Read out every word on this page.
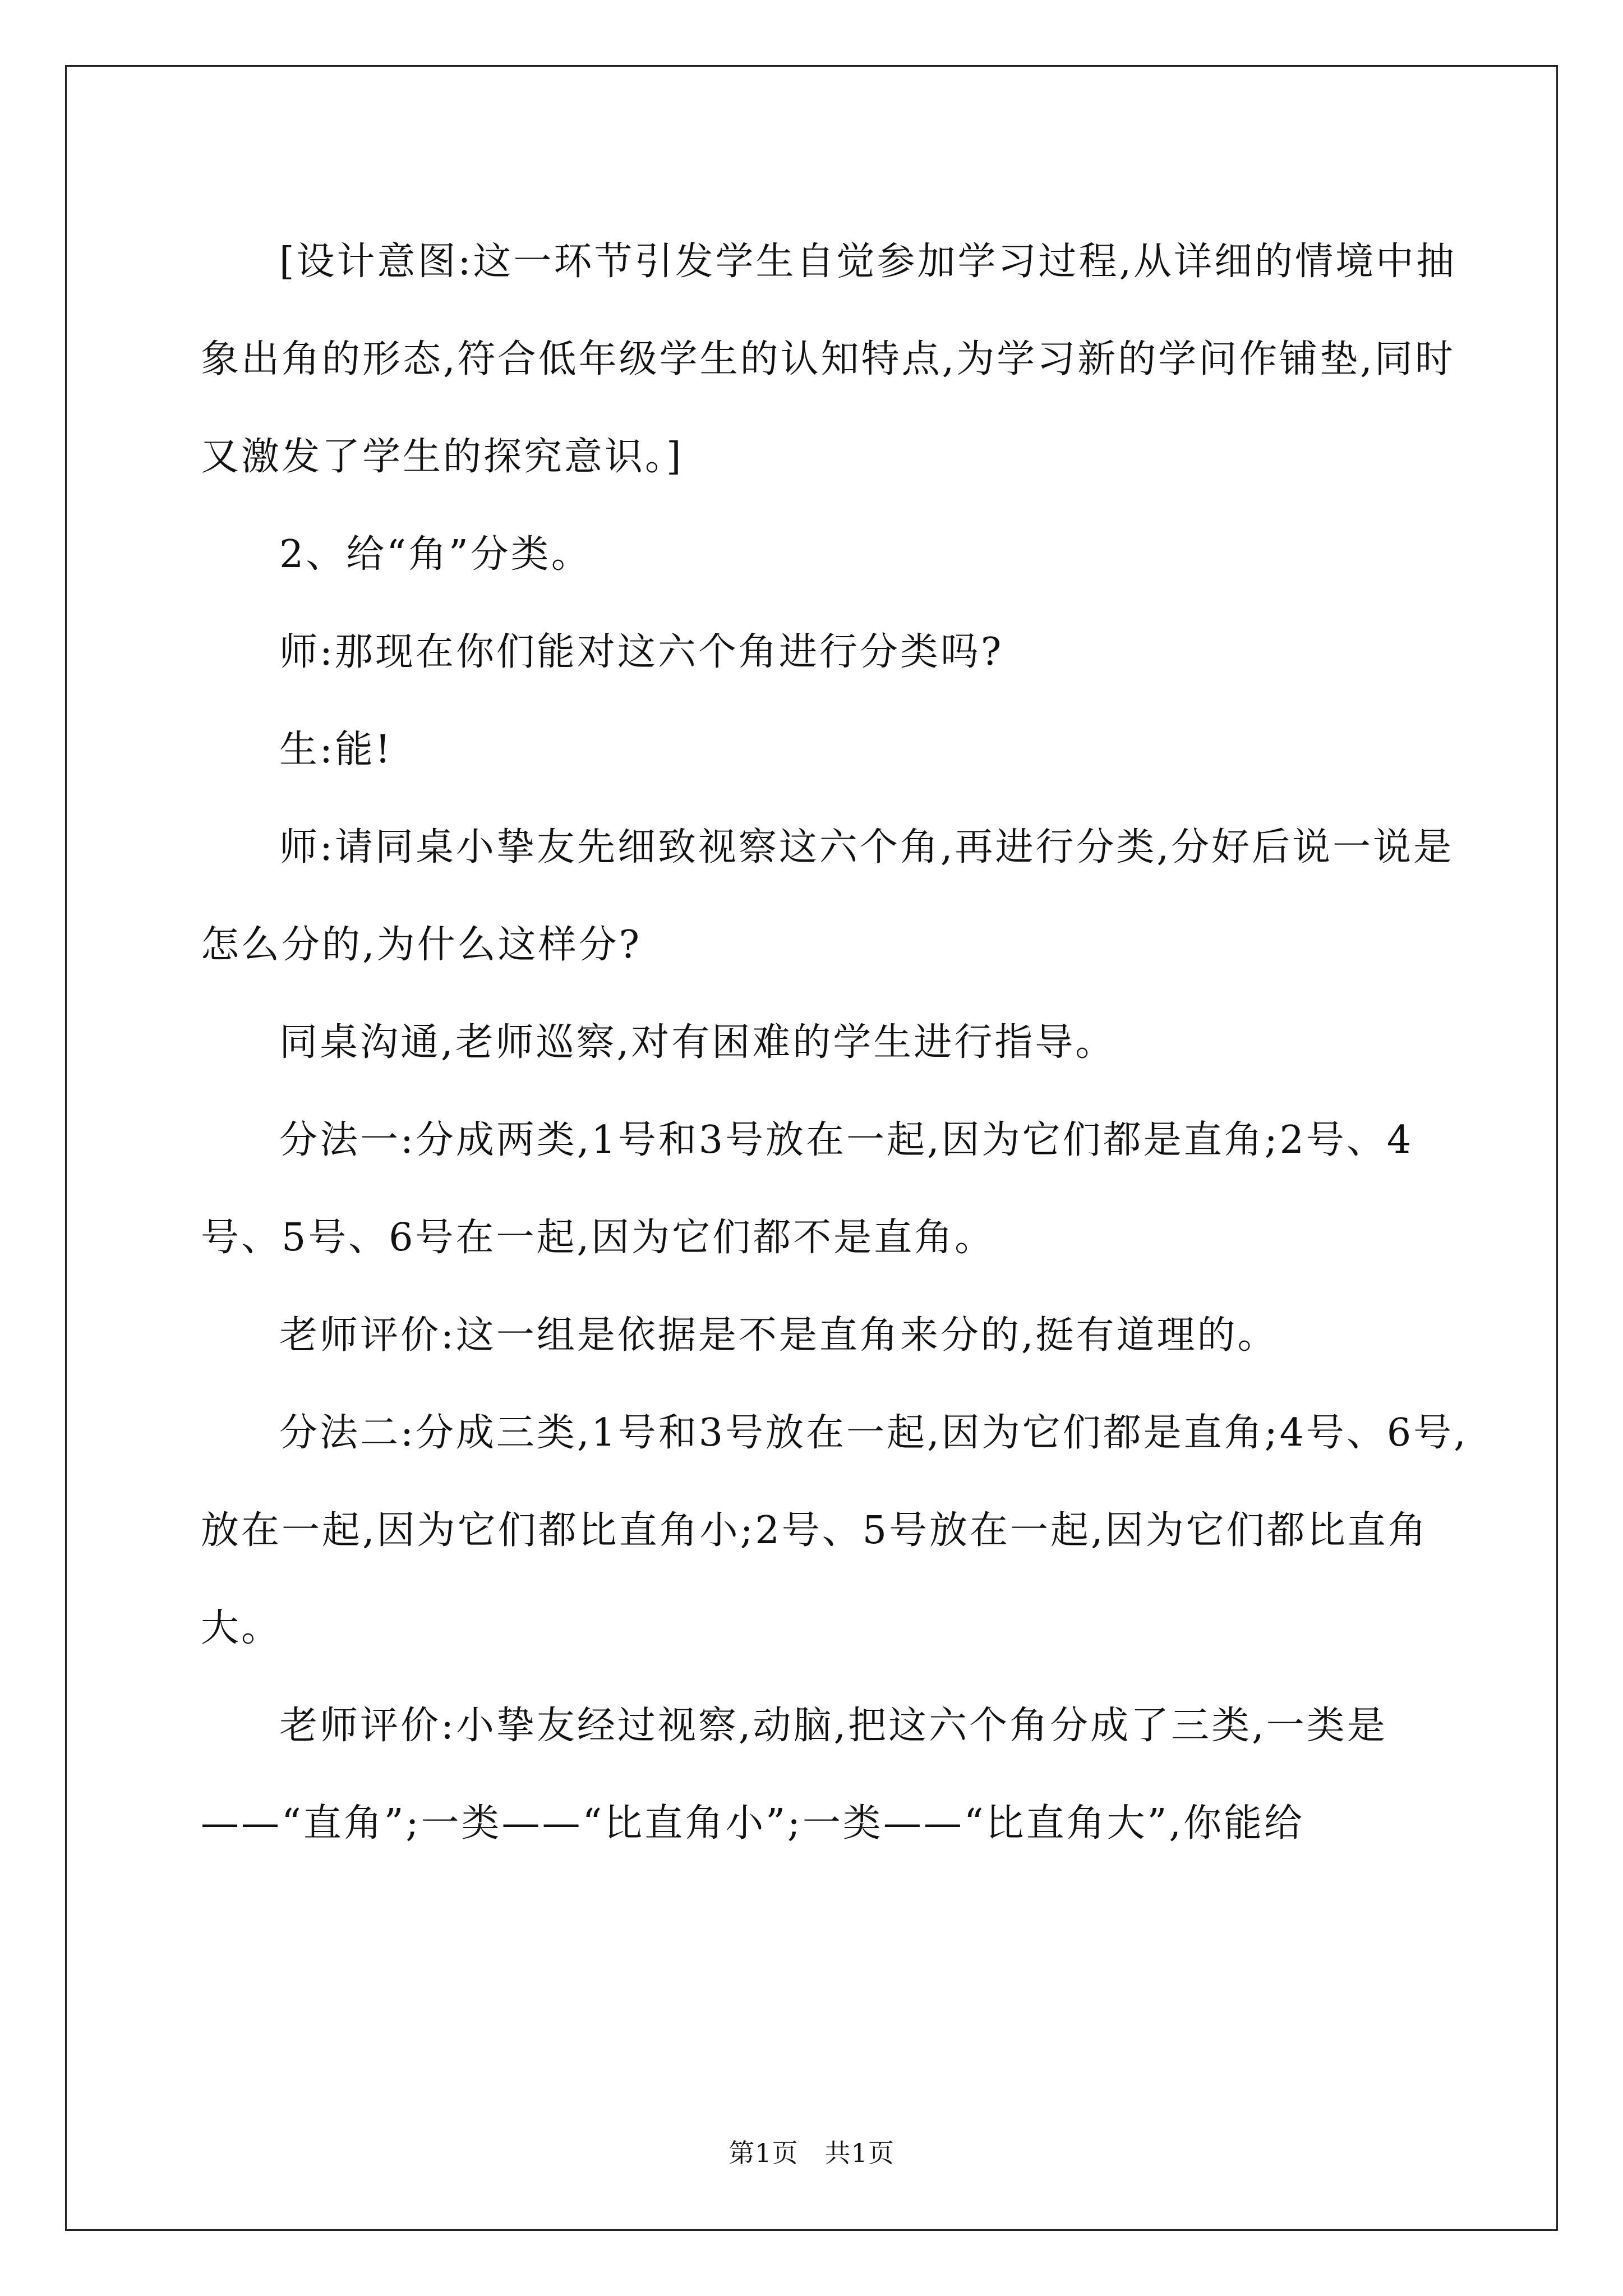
[设计意图:这一环节引发学生自觉参加学习过程,从详细的情境中抽象出角的形态,符合低年级学生的认知特点,为学习新的学问作铺垫,同时又激发了学生的探究意识。]

2、给“角”分类。

师:那现在你们能对这六个角进行分类吗?

生:能!

师:请同桌小挚友先细致视察这六个角,再进行分类,分好后说一说是怎么分的,为什么这样分?

同桌沟通,老师巡察,对有困难的学生进行指导。

分法一:分成两类,1号和3号放在一起,因为它们都是直角;2号、4号、5号、6号在一起,因为它们都不是直角。

老师评价:这一组是依据是不是直角来分的,挺有道理的。

分法二:分成三类,1号和3号放在一起,因为它们都是直角;4号、6号,放在一起,因为它们都比直角小;2号、5号放在一起,因为它们都比直角大。

老师评价:小挚友经过视察,动脑,把这六个角分成了三类,一类是——“直角”;一类——“比直角小”;一类——“比直角大”,你能给

第1页 共1页
